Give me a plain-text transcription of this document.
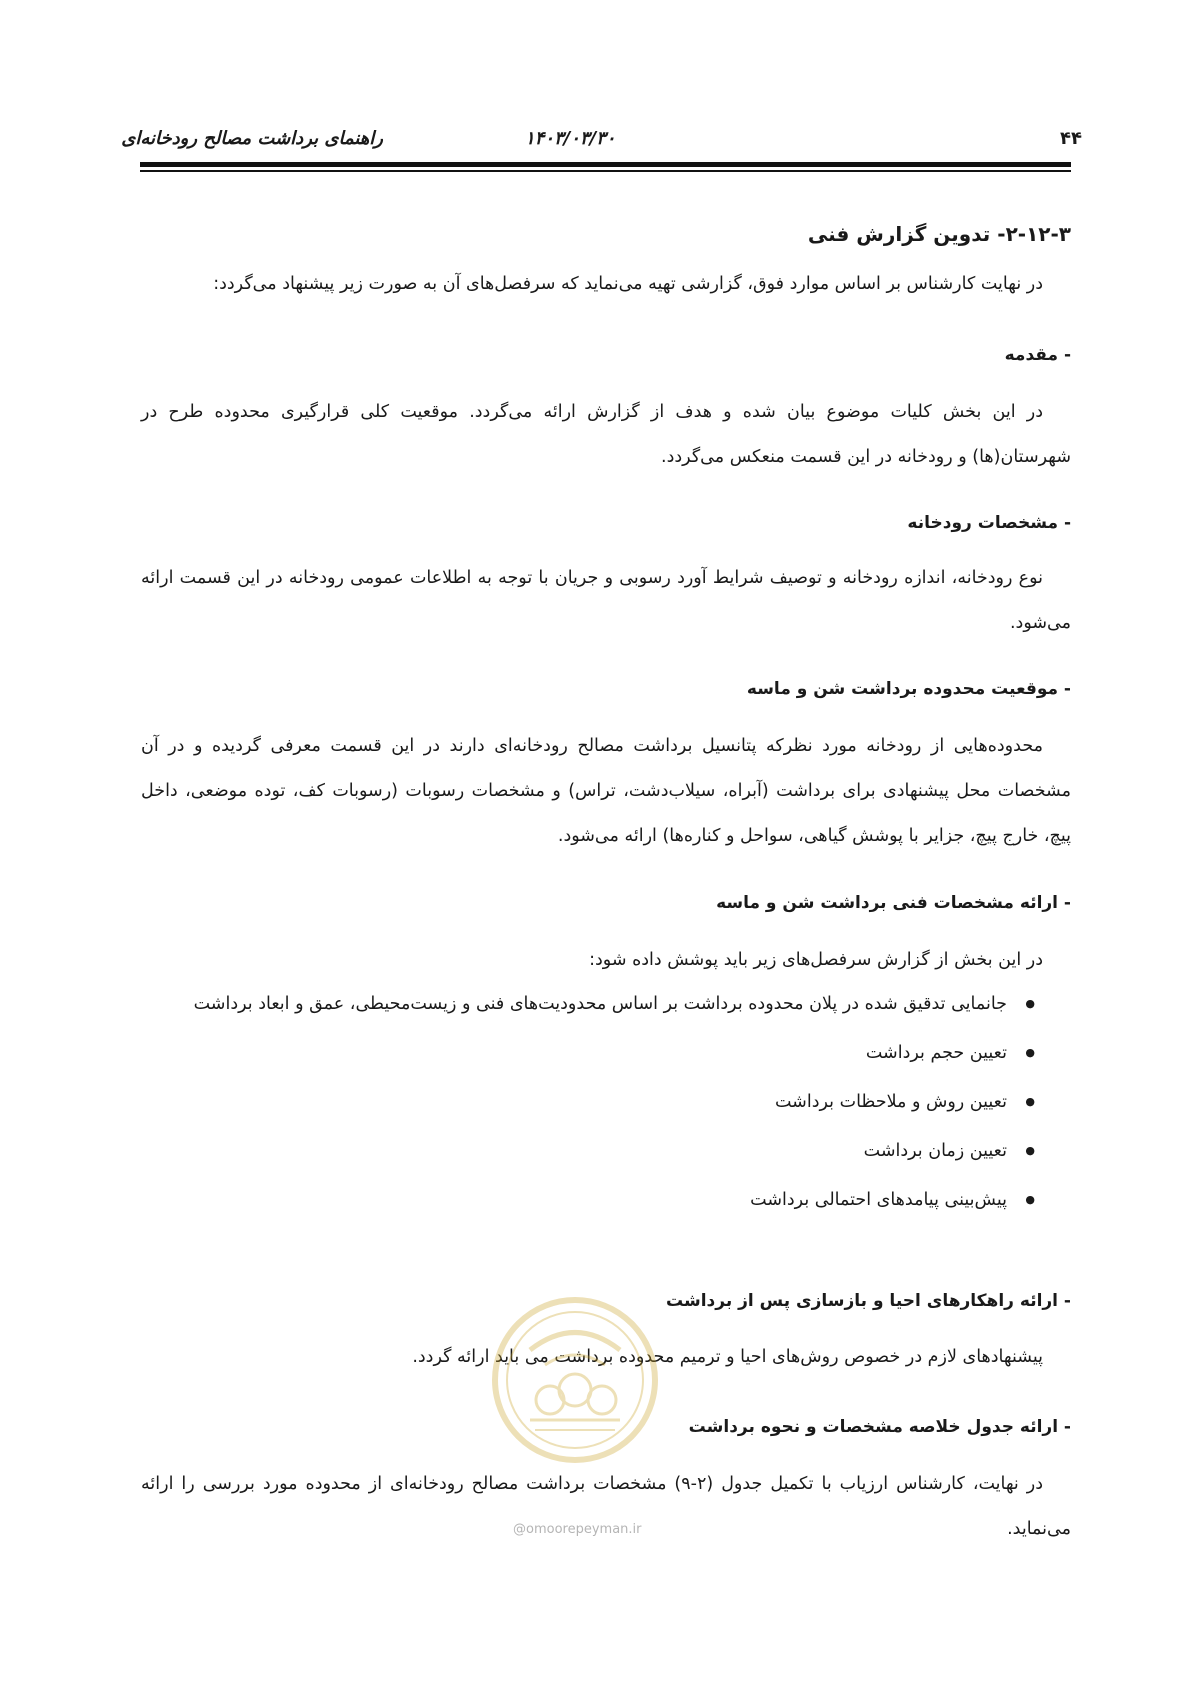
راهنمای برداشت مصالح رودخانه‌ای	۱۴۰۳/۰۳/۳۰	۴۴
۲-۱۲-۳- تدوین گزارش فنی
در نهایت کارشناس بر اساس موارد فوق، گزارشی تهیه می‌نماید که سرفصل‌های آن به صورت زیر پیشنهاد می‌گردد:
- مقدمه
در این بخش کلیات موضوع بیان شده و هدف از گزارش ارائه می‌گردد. موقعیت کلی قرارگیری محدوده طرح در شهرستان(ها) و رودخانه در این قسمت منعکس می‌گردد.
- مشخصات رودخانه
نوع رودخانه، اندازه رودخانه و توصیف شرایط آورد رسوبی و جریان با توجه به اطلاعات عمومی رودخانه در این قسمت ارائه می‌شود.
- موقعیت محدوده برداشت شن و ماسه
محدوده‌هایی از رودخانه مورد نظرکه پتانسیل برداشت مصالح رودخانه‌ای دارند در این قسمت معرفی گردیده و در آن مشخصات محل پیشنهادی برای برداشت (آبراه، سیلاب‌دشت، تراس) و مشخصات رسوبات (رسوبات کف، توده موضعی، داخل پیچ، خارج پیچ، جزایر با پوشش گیاهی، سواحل و کناره‌ها) ارائه می‌شود.
- ارائه مشخصات فنی برداشت شن و ماسه
در این بخش از گزارش سرفصل‌های زیر باید پوشش داده شود:
● جانمایی تدقیق شده در پلان محدوده برداشت بر اساس محدودیت‌های فنی و زیست‌محیطی، عمق و ابعاد برداشت
● تعیین حجم برداشت
● تعیین روش و ملاحظات برداشت
● تعیین زمان برداشت
● پیش‌بینی پیامدهای احتمالی برداشت
- ارائه راهکارهای احیا و بازسازی پس از برداشت
پیشنهادهای لازم در خصوص روش‌های احیا و ترمیم محدوده برداشت می باید ارائه گردد.
- ارائه جدول خلاصه مشخصات و نحوه برداشت
در نهایت، کارشناس ارزیاب با تکمیل جدول (۲-۹) مشخصات برداشت مصالح رودخانه‌ای از محدوده مورد بررسی را ارائه می‌نماید.
@omoorepeyman.ir
